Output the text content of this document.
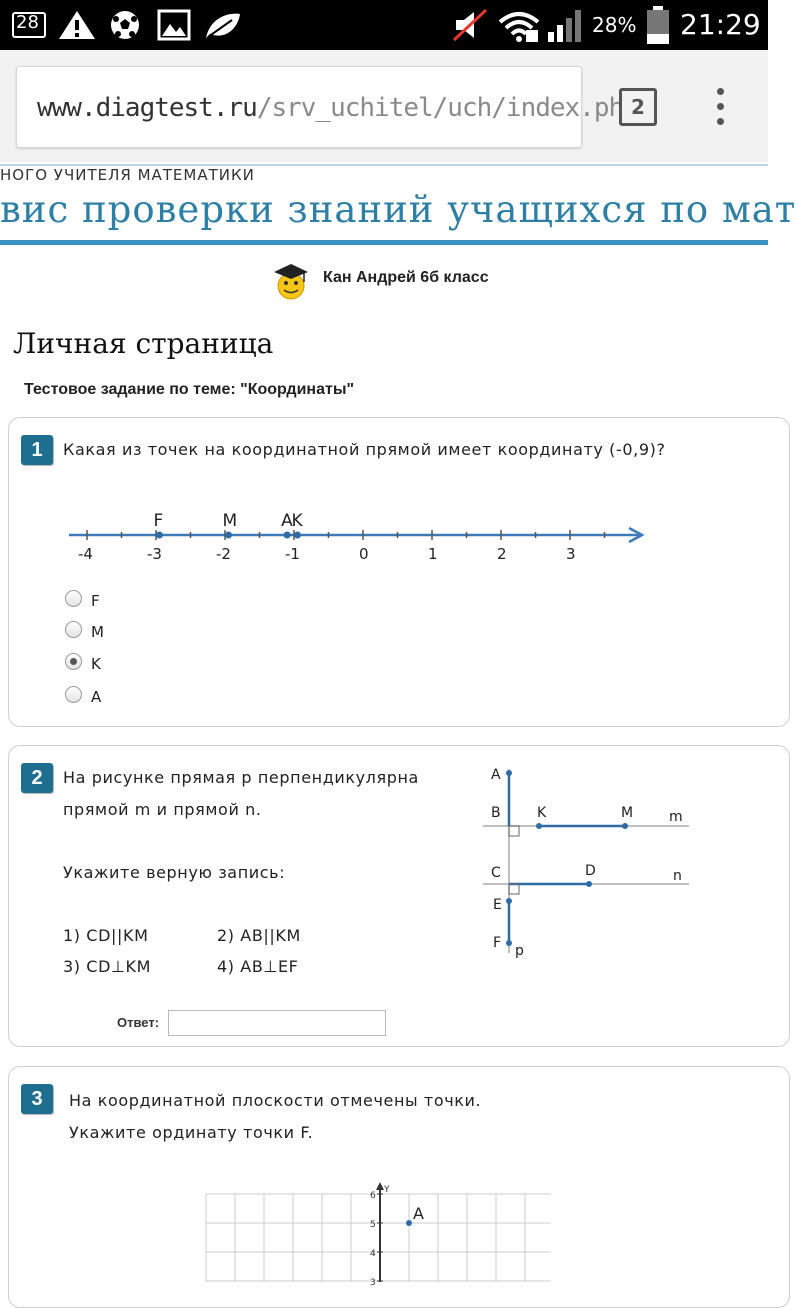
28	28% 21:29
www.diagtest.ru/srv_uchitel/uch/index.ph 2
НОГО УЧИТЕЛЯ МАТЕМАТИКИ
вис проверки знаний учащихся по мат
Кан Андрей 6б класс
Личная страница
Тестовое задание по теме: "Координаты"
1	Какая из точек на координатной прямой имеет координату (-0,9)?
-4	-3	-2	-1	0	1	2	3
F	M	A
K
F
M
K
A
2	На рисунке прямая p перпендикулярна
прямой m и прямой n.
Укажите верную запись:
1) CD||KM	2) AB||KM
3) CD⊥KM	4) AB⊥EF
Ответ:
A
B	K	M	m
C	D	n
E
F p
3	На координатной плоскости отмечены точки.
Укажите ординату точки F.
Y
6
5
4
3
A
